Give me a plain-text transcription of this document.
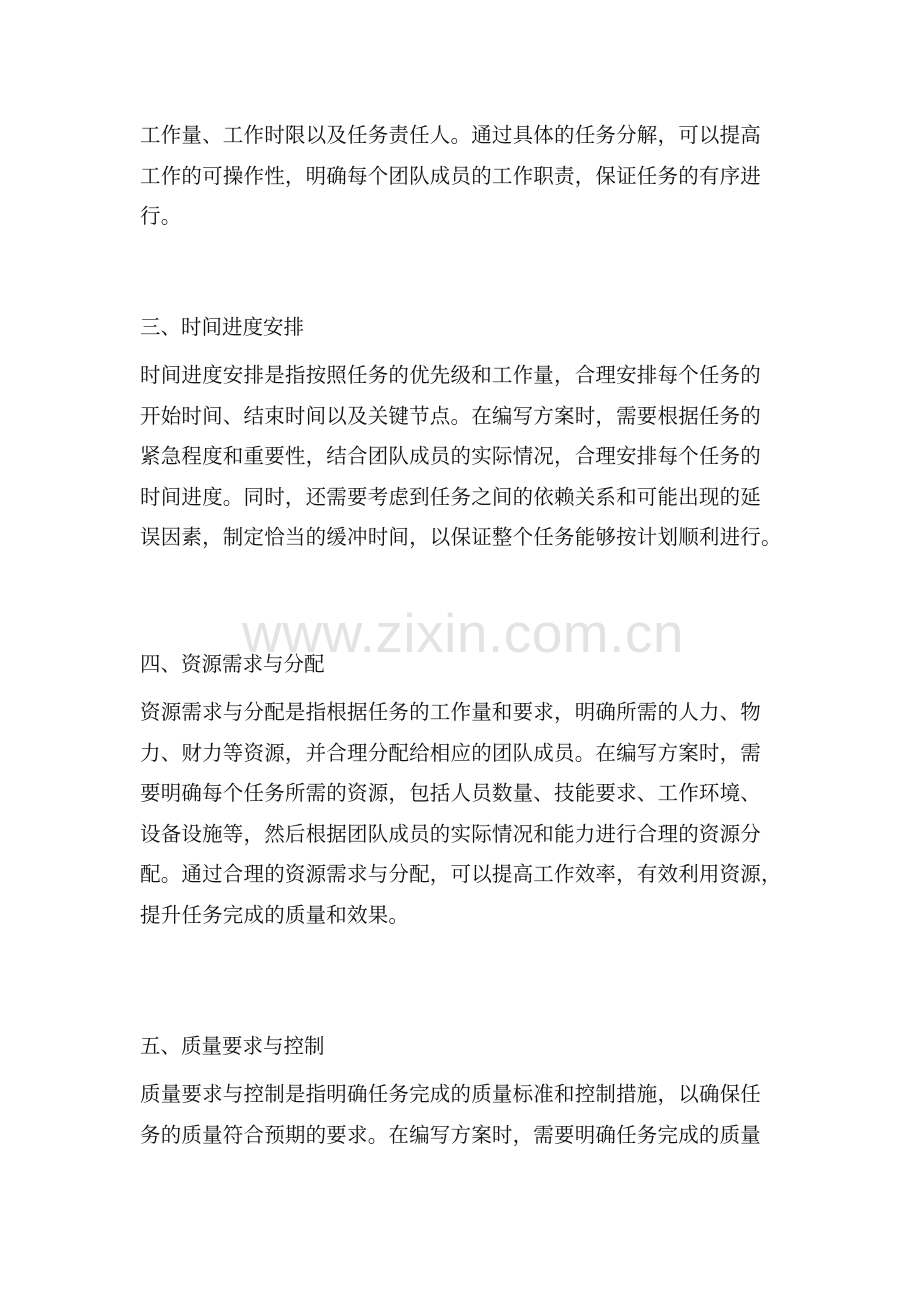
工作量、工作时限以及任务责任人。通过具体的任务分解，可以提高
工作的可操作性，明确每个团队成员的工作职责，保证任务的有序进
行。
三、时间进度安排
时间进度安排是指按照任务的优先级和工作量，合理安排每个任务的
开始时间、结束时间以及关键节点。在编写方案时，需要根据任务的
紧急程度和重要性，结合团队成员的实际情况，合理安排每个任务的
时间进度。同时，还需要考虑到任务之间的依赖关系和可能出现的延
误因素，制定恰当的缓冲时间，以保证整个任务能够按计划顺利进行。
www.zixin.com.cn
四、资源需求与分配
资源需求与分配是指根据任务的工作量和要求，明确所需的人力、物
力、财力等资源，并合理分配给相应的团队成员。在编写方案时，需
要明确每个任务所需的资源，包括人员数量、技能要求、工作环境、
设备设施等，然后根据团队成员的实际情况和能力进行合理的资源分
配。通过合理的资源需求与分配，可以提高工作效率，有效利用资源，
提升任务完成的质量和效果。
五、质量要求与控制
质量要求与控制是指明确任务完成的质量标准和控制措施，以确保任
务的质量符合预期的要求。在编写方案时，需要明确任务完成的质量
